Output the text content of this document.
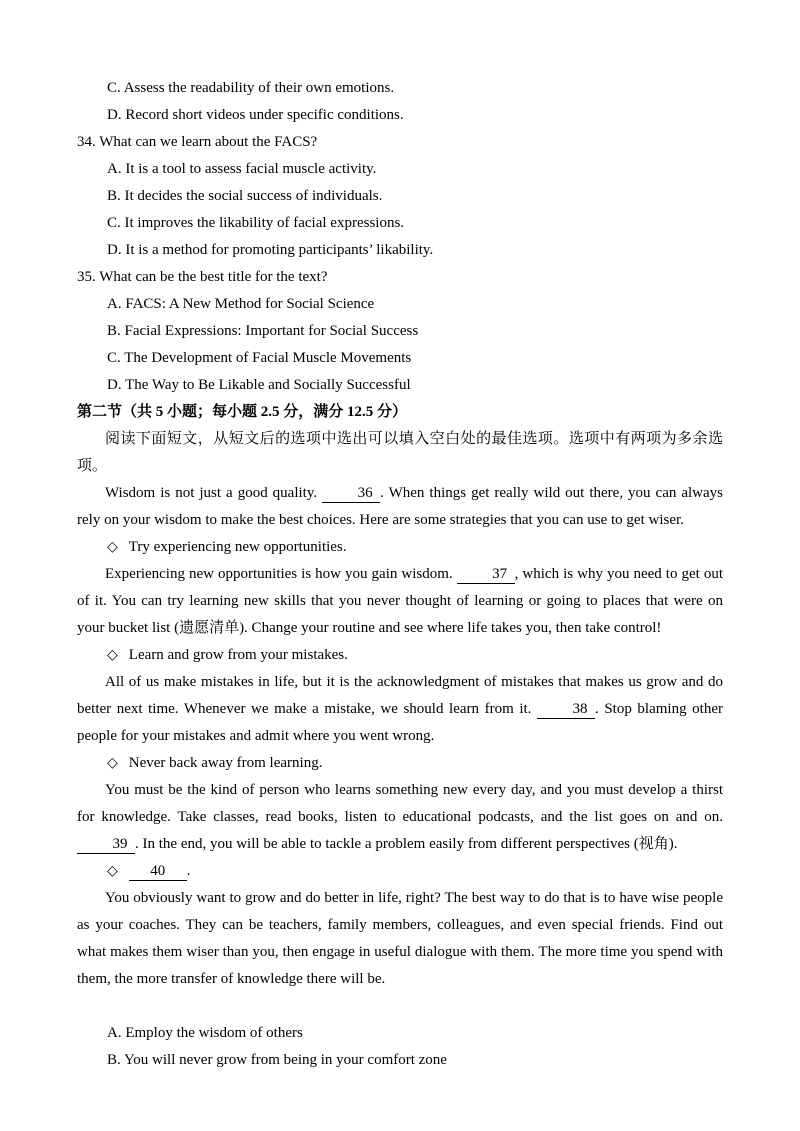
C. Assess the readability of their own emotions.
D. Record short videos under specific conditions.
34. What can we learn about the FACS?
A. It is a tool to assess facial muscle activity.
B. It decides the social success of individuals.
C. It improves the likability of facial expressions.
D. It is a method for promoting participants’ likability.
35. What can be the best title for the text?
A. FACS: A New Method for Social Science
B. Facial Expressions: Important for Social Success
C. The Development of Facial Muscle Movements
D. The Way to Be Likable and Socially Successful
第二节（共 5 小题；每小题 2.5 分，满分 12.5 分）
阅读下面短文，从短文后的选项中选出可以填入空白处的最佳选项。选项中有两项为多余选项。

Wisdom is not just a good quality. 36 . When things get really wild out there, you can always rely on your wisdom to make the best choices. Here are some strategies that you can use to get wiser.

◇ Try experiencing new opportunities.

Experiencing new opportunities is how you gain wisdom. 37 , which is why you need to get out of it. You can try learning new skills that you never thought of learning or going to places that were on your bucket list (遗愿清单). Change your routine and see where life takes you, then take control!

◇ Learn and grow from your mistakes.

All of us make mistakes in life, but it is the acknowledgment of mistakes that makes us grow and do better next time. Whenever we make a mistake, we should learn from it. 38 . Stop blaming other people for your mistakes and admit where you went wrong.

◇ Never back away from learning.

You must be the kind of person who learns something new every day, and you must develop a thirst for knowledge. Take classes, read books, listen to educational podcasts, and the list goes on and on. 39 . In the end, you will be able to tackle a problem easily from different perspectives (视角).

◇ 40 .

You obviously want to grow and do better in life, right? The best way to do that is to have wise people as your coaches. They can be teachers, family members, colleagues, and even special friends. Find out what makes them wiser than you, then engage in useful dialogue with them. The more time you spend with them, the more transfer of knowledge there will be.

A. Employ the wisdom of others
B. You will never grow from being in your comfort zone
